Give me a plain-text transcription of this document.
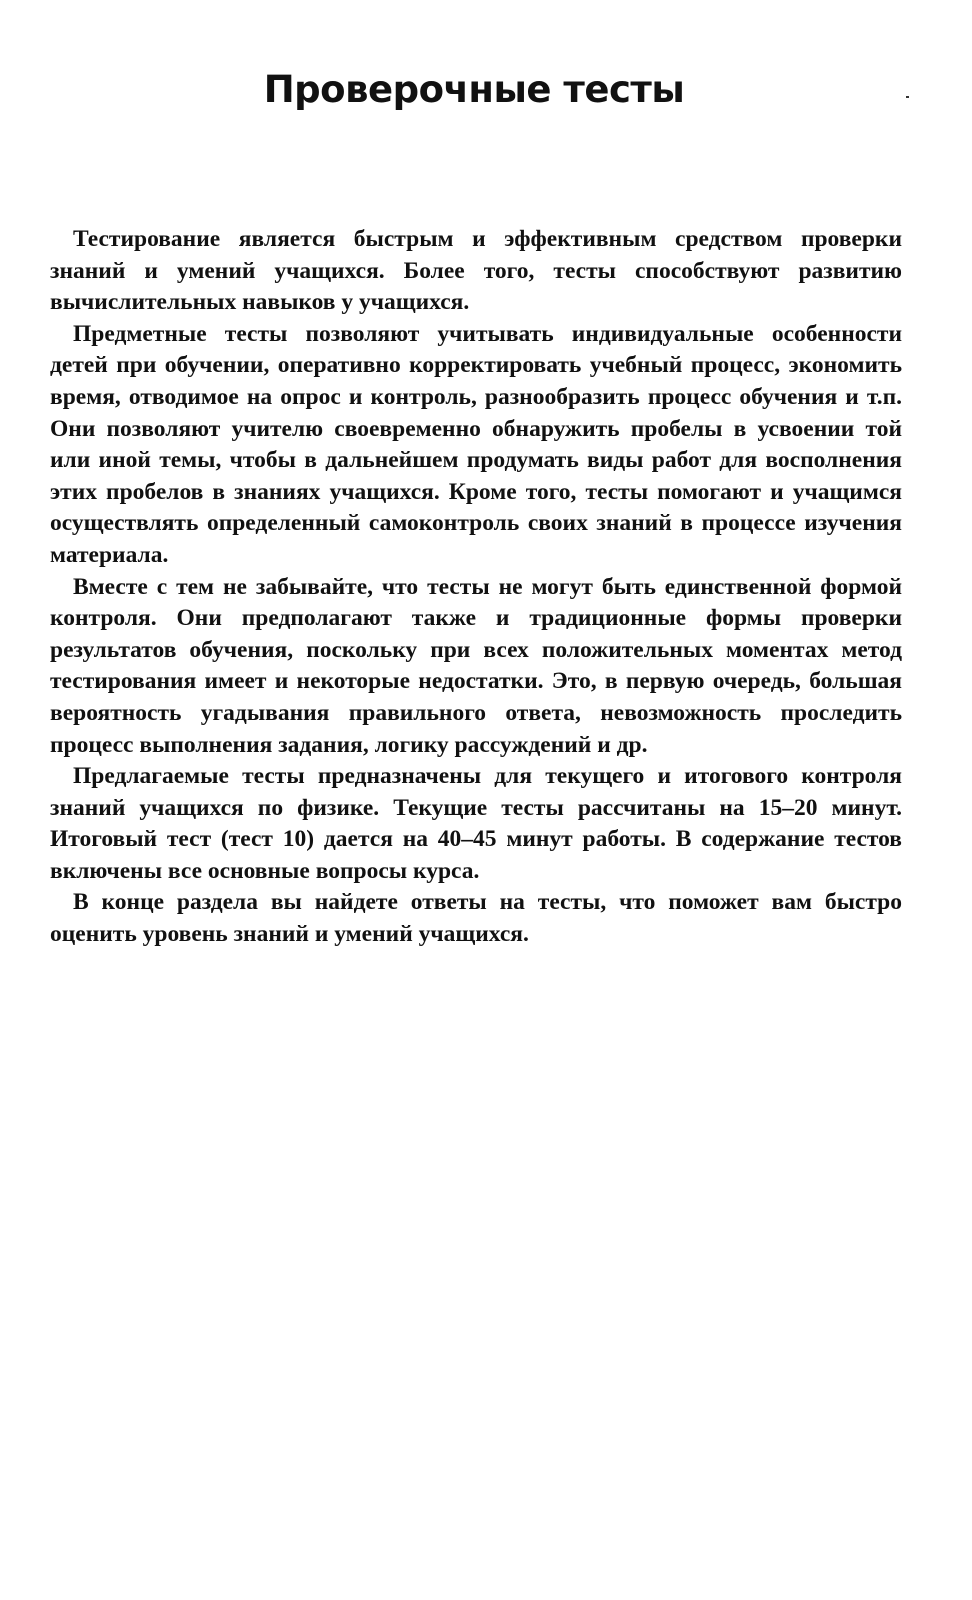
Проверочные тесты

Тестирование является быстрым и эффективным средством проверки знаний и умений учащихся. Более того, тесты способствуют развитию вычислительных навыков у учащихся.

Предметные тесты позволяют учитывать индивидуальные особенности детей при обучении, оперативно корректировать учебный процесс, экономить время, отводимое на опрос и контроль, разнообразить процесс обучения и т.п. Они позволяют учителю своевременно обнаружить пробелы в усвоении той или иной темы, чтобы в дальнейшем продумать виды работ для восполнения этих пробелов в знаниях учащихся. Кроме того, тесты помогают и учащимся осуществлять определенный самоконтроль своих знаний в процессе изучения материала.

Вместе с тем не забывайте, что тесты не могут быть единственной формой контроля. Они предполагают также и традиционные формы проверки результатов обучения, поскольку при всех положительных моментах метод тестирования имеет и некоторые недостатки. Это, в первую очередь, большая вероятность угадывания правильного ответа, невозможность проследить процесс выполнения задания, логику рассуждений и др.

Предлагаемые тесты предназначены для текущего и итогового контроля знаний учащихся по физике. Текущие тесты рассчитаны на 15–20 минут. Итоговый тест (тест 10) дается на 40–45 минут работы. В содержание тестов включены все основные вопросы курса.

В конце раздела вы найдете ответы на тесты, что поможет вам быстро оценить уровень знаний и умений учащихся.
